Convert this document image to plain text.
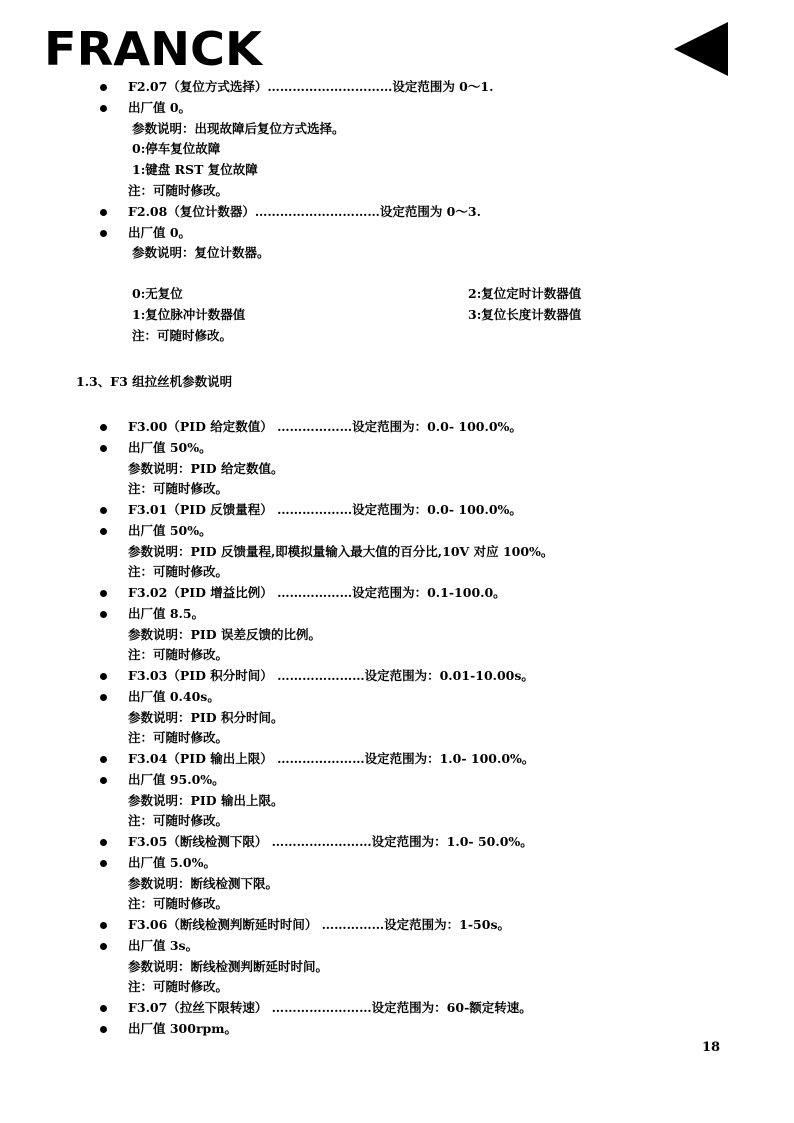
FRANCK
F2.07（复位方式选择）…………………………设定范围为 0～1.
出厂值 0。
参数说明：出现故障后复位方式选择。
0:停车复位故障
1:键盘 RST 复位故障
注：可随时修改。
F2.08（复位计数器）…………………………设定范围为 0～3.
出厂值 0。
参数说明：复位计数器。
0:无复位	2:复位定时计数器值
1:复位脉冲计数器值	3:复位长度计数器值
注：可随时修改。
1.3、F3 组拉丝机参数说明
F3.00（PID 给定数值） ………………设定范围为：0.0- 100.0%。
出厂值 50%。
参数说明：PID 给定数值。
注：可随时修改。
F3.01（PID 反馈量程） ………………设定范围为：0.0- 100.0%。
出厂值 50%。
参数说明：PID 反馈量程,即模拟量输入最大值的百分比,10V 对应 100%。
注：可随时修改。
F3.02（PID 增益比例） ………………设定范围为：0.1-100.0。
出厂值 8.5。
参数说明：PID 误差反馈的比例。
注：可随时修改。
F3.03（PID 积分时间） …………………设定范围为：0.01-10.00s。
出厂值 0.40s。
参数说明：PID 积分时间。
注：可随时修改。
F3.04（PID 输出上限） …………………设定范围为：1.0- 100.0%。
出厂值 95.0%。
参数说明：PID 输出上限。
注：可随时修改。
F3.05（断线检测下限） ……………………设定范围为：1.0- 50.0%。
出厂值 5.0%。
参数说明：断线检测下限。
注：可随时修改。
F3.06（断线检测判断延时时间） ……………设定范围为：1-50s。
出厂值 3s。
参数说明：断线检测判断延时时间。
注：可随时修改。
F3.07（拉丝下限转速） ……………………设定范围为：60-额定转速。
出厂值 300rpm。
18
